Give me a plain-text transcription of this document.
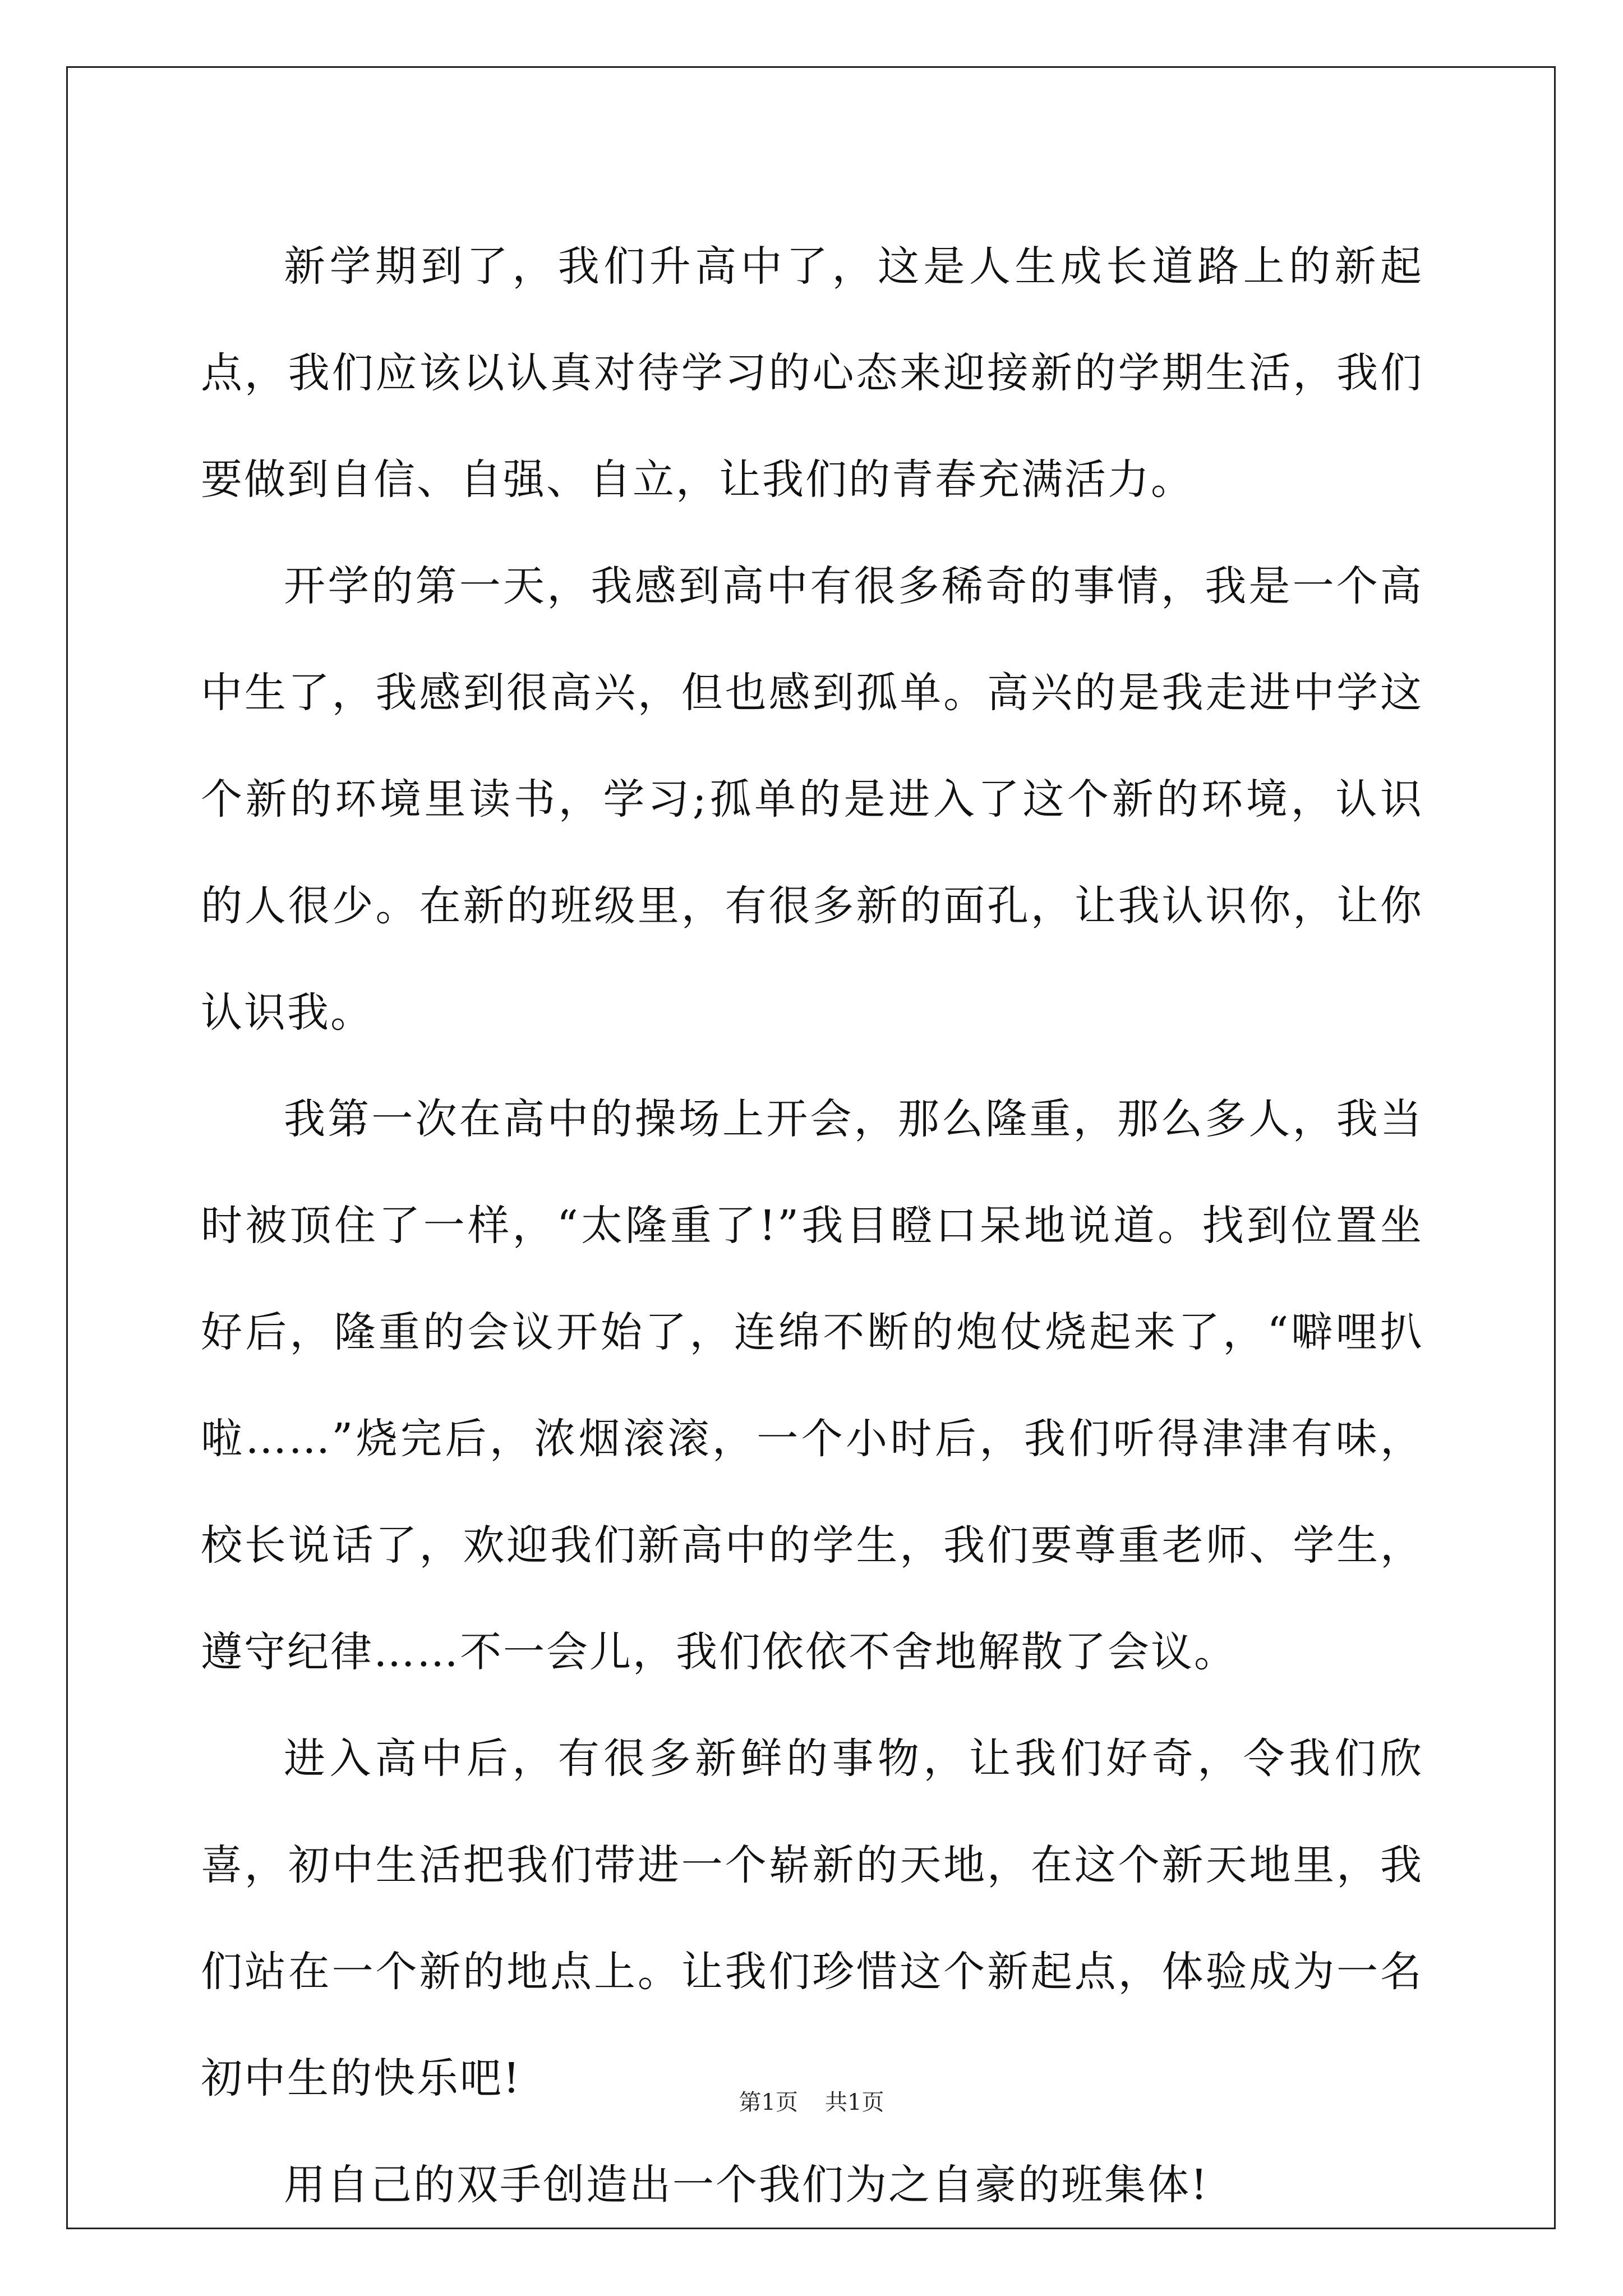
新学期到了，我们升高中了，这是人生成长道路上的新起点，我们应该以认真对待学习的心态来迎接新的学期生活，我们要做到自信、自强、自立，让我们的青春充满活力。

开学的第一天，我感到高中有很多稀奇的事情，我是一个高中生了，我感到很高兴，但也感到孤单。高兴的是我走进中学这个新的环境里读书，学习;孤单的是进入了这个新的环境，认识的人很少。在新的班级里，有很多新的面孔，让我认识你，让你认识我。

我第一次在高中的操场上开会，那么隆重，那么多人，我当时被顶住了一样，“太隆重了!”我目瞪口呆地说道。找到位置坐好后，隆重的会议开始了，连绵不断的炮仗烧起来了，“噼哩扒啦……”烧完后，浓烟滚滚，一个小时后，我们听得津津有味，校长说话了，欢迎我们新高中的学生，我们要尊重老师、学生，遵守纪律……不一会儿，我们依依不舍地解散了会议。

进入高中后，有很多新鲜的事物，让我们好奇，令我们欣喜，初中生活把我们带进一个崭新的天地，在这个新天地里，我们站在一个新的地点上。让我们珍惜这个新起点，体验成为一名初中生的快乐吧!

用自己的双手创造出一个我们为之自豪的班集体!

第1页 共1页
